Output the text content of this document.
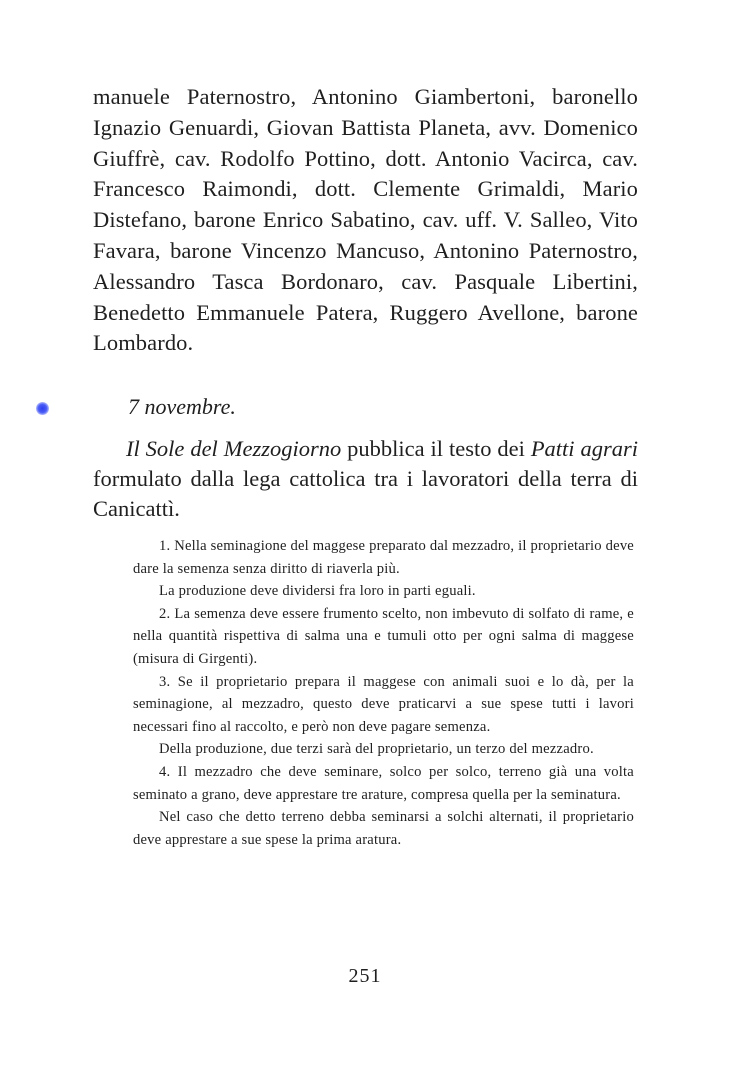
manuele Paternostro, Antonino Giambertoni, baronello Ignazio Genuardi, Giovan Battista Planeta, avv. Domenico Giuffrè, cav. Rodolfo Pottino, dott. Antonio Vacirca, cav. Francesco Raimondi, dott. Clemente Grimaldi, Mario Distefano, barone Enrico Sabatino, cav. uff. V. Salleo, Vito Favara, barone Vincenzo Mancuso, Antonino Paternostro, Alessandro Tasca Bordonaro, cav. Pasquale Libertini, Benedetto Emmanuele Patera, Ruggero Avellone, barone Lombardo.

7 novembre.

Il Sole del Mezzogiorno pubblica il testo dei Patti agrari formulato dalla lega cattolica tra i lavoratori della terra di Canicattì.

1. Nella seminagione del maggese preparato dal mezzadro, il proprietario deve dare la semenza senza diritto di riaverla più.

La produzione deve dividersi fra loro in parti eguali.

2. La semenza deve essere frumento scelto, non imbevuto di solfato di rame, e nella quantità rispettiva di salma una e tumuli otto per ogni salma di maggese (misura di Girgenti).

3. Se il proprietario prepara il maggese con animali suoi e lo dà, per la seminagione, al mezzadro, questo deve praticarvi a sue spese tutti i lavori necessari fino al raccolto, e però non deve pagare semenza.

Della produzione, due terzi sarà del proprietario, un terzo del mezzadro.

4. Il mezzadro che deve seminare, solco per solco, terreno già una volta seminato a grano, deve apprestare tre arature, compresa quella per la seminatura.

Nel caso che detto terreno debba seminarsi a solchi alternati, il proprietario deve apprestare a sue spese la prima aratura.

251
